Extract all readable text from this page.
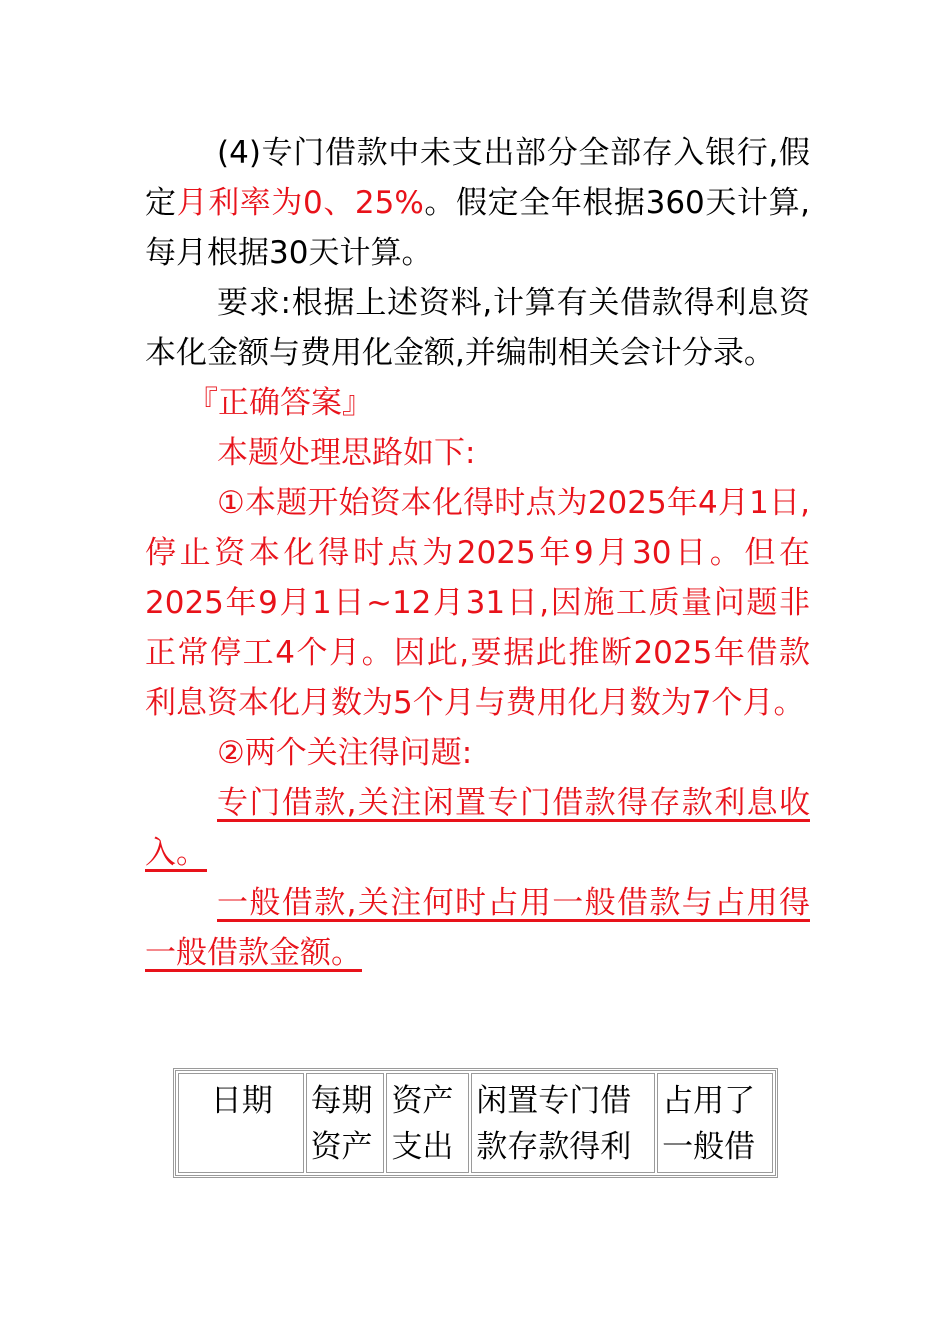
(4)专门借款中未支出部分全部存入银行,假定月利率为0、25%。假定全年根据360天计算,每月根据30天计算。

要求:根据上述资料,计算有关借款得利息资本化金额与费用化金额,并编制相关会计分录。

『正确答案』

本题处理思路如下:

①本题开始资本化得时点为2025年4月1日,停止资本化得时点为2025年9月30日。但在2025年9月1日~12月31日,因施工质量问题非正常停工4个月。因此,要据此推断2025年借款利息资本化月数为5个月与费用化月数为7个月。

②两个关注得问题:

专门借款,关注闲置专门借款得存款利息收入。

一般借款,关注何时占用一般借款与占用得一般借款金额。

日期	每期资产	资产支出	闲置专门借款存款得利	占用了一般借
